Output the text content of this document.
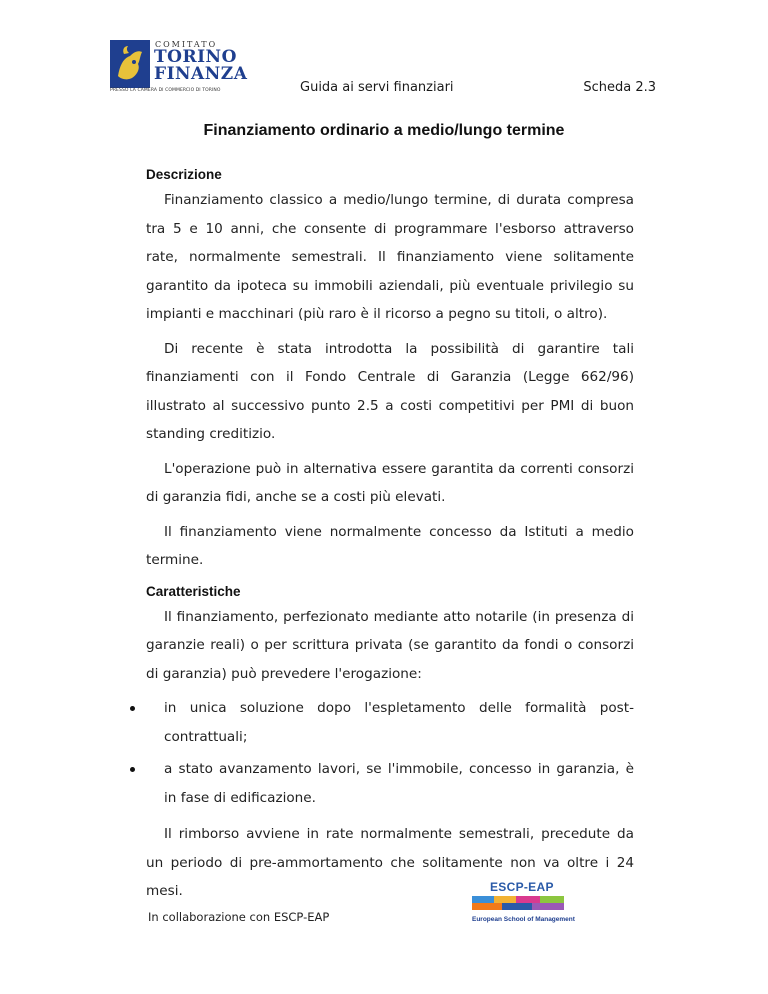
COMITATO
TORINO
FINANZA
PRESSO LA CAMERA DI COMMERCIO DI TORINO	Guida ai servi finanziari	Scheda 2.3
Finanziamento ordinario a medio/lungo termine
Descrizione

Finanziamento classico a medio/lungo termine, di durata compresa tra 5 e 10 anni, che consente di programmare l'esborso attraverso rate, normalmente semestrali. Il finanziamento viene solitamente garantito da ipoteca su immobili aziendali, più eventuale privilegio su impianti e macchinari (più raro è il ricorso a pegno su titoli, o altro).

Di recente è stata introdotta la possibilità di garantire tali finanziamenti con il Fondo Centrale di Garanzia (Legge 662/96) illustrato al successivo punto 2.5 a costi competitivi per PMI di buon standing creditizio.

L'operazione può in alternativa essere garantita da correnti consorzi di garanzia fidi, anche se a costi più elevati.

Il finanziamento viene normalmente concesso da Istituti a medio termine.

Caratteristiche

Il finanziamento, perfezionato mediante atto notarile (in presenza di garanzie reali) o per scrittura privata (se garantito da fondi o consorzi di garanzia) può prevedere l'erogazione:

in unica soluzione dopo l'espletamento delle formalità post-contrattuali;
a stato avanzamento lavori, se l'immobile, concesso in garanzia, è in fase di edificazione.

Il rimborso avviene in rate normalmente semestrali, precedute da un periodo di pre-ammortamento che solitamente non va oltre i 24 mesi.

In collaborazione con ESCP-EAP
ESCP-EAP
European School of Management
